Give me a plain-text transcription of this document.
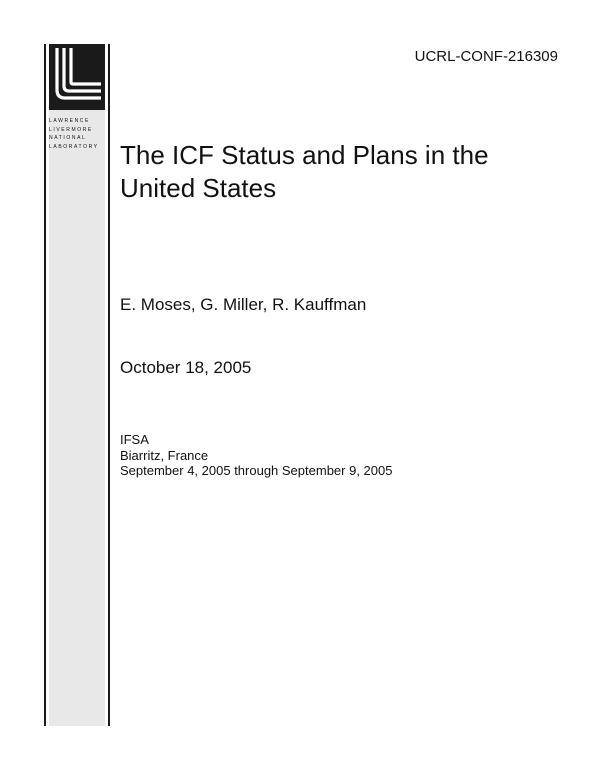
LAWRENCE
LIVERMORE
NATIONAL
LABORATORY
UCRL-CONF-216309
The ICF Status and Plans in the
United States
E. Moses, G. Miller, R. Kauffman
October 18, 2005
IFSA
Biarritz, France
September 4, 2005 through September 9, 2005
